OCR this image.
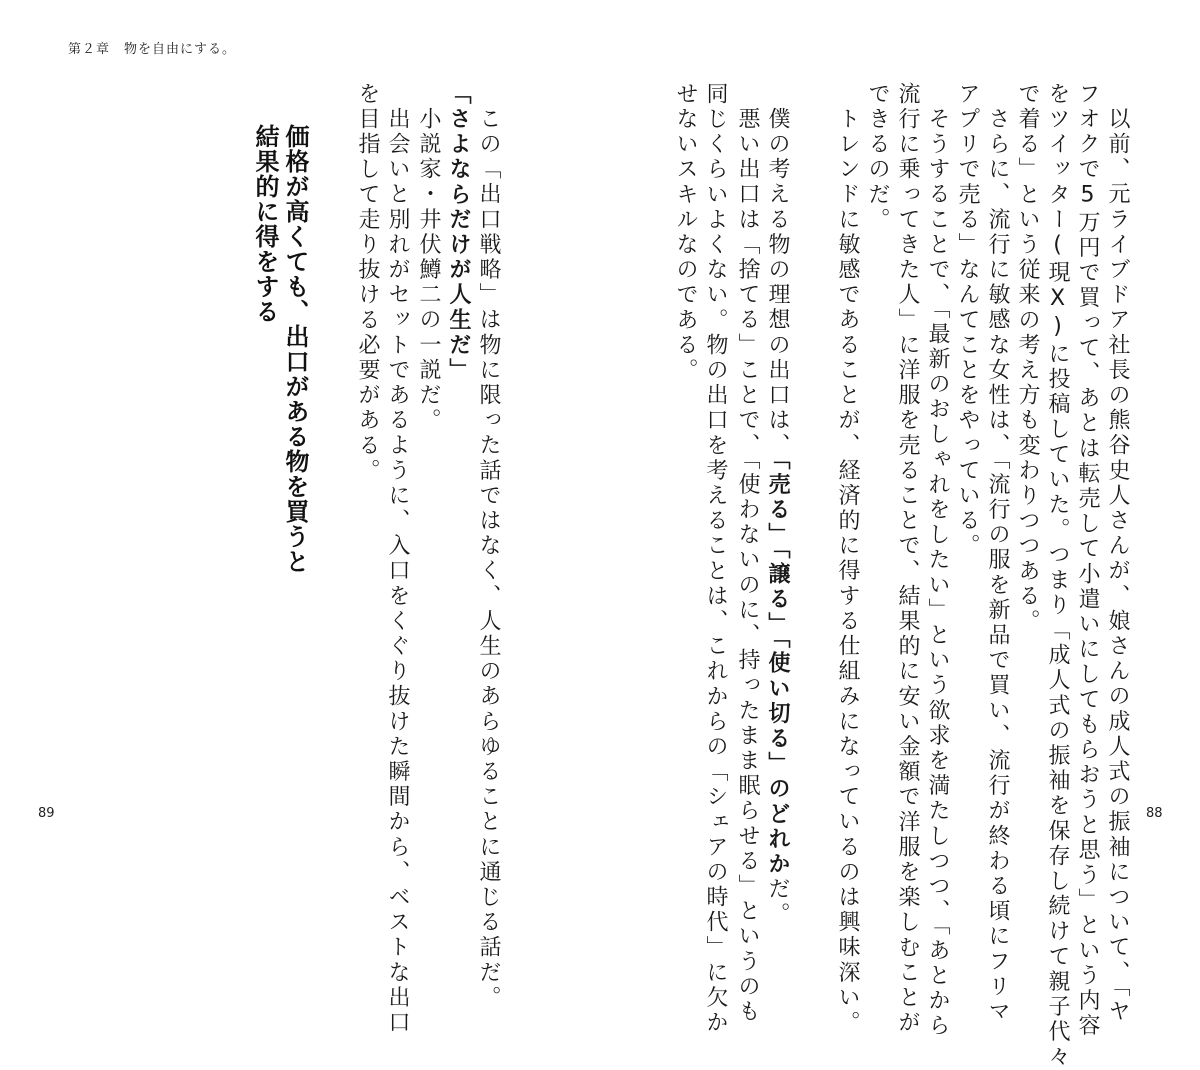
第２章　物を自由にする。
以前、元ライブドア社長の熊谷史人さんが、娘さんの成人式の振袖について、「ヤ
フオクで5万円で買って、あとは転売して小遣いにしてもらおうと思う」という内容
をツイッター(現X)に投稿していた。つまり「成人式の振袖を保存し続けて親子代々
で着る」という従来の考え方も変わりつつある。
さらに、流行に敏感な女性は、「流行の服を新品で買い、流行が終わる頃にフリマ
アプリで売る」なんてことをやっている。
そうすることで、「最新のおしゃれをしたい」という欲求を満たしつつ、「あとから
流行に乗ってきた人」に洋服を売ることで、結果的に安い金額で洋服を楽しむことが
できるのだ。
トレンドに敏感であることが、経済的に得する仕組みになっているのは興味深い。
僕の考える物の理想の出口は、「売る」「譲る」「使い切る」のどれかだ。
悪い出口は「捨てる」ことで、「使わないのに、持ったまま眠らせる」というのも
同じくらいよくない。物の出口を考えることは、これからの「シェアの時代」に欠か
せないスキルなのである。
この「出口戦略」は物に限った話ではなく、人生のあらゆることに通じる話だ。
「さよならだけが人生だ」
小説家・井伏鱒二の一説だ。
出会いと別れがセットであるように、入口をくぐり抜けた瞬間から、ベストな出口
を目指して走り抜ける必要がある。
価格が高くても、出口がある物を買うと
結果的に得をする
89	88
